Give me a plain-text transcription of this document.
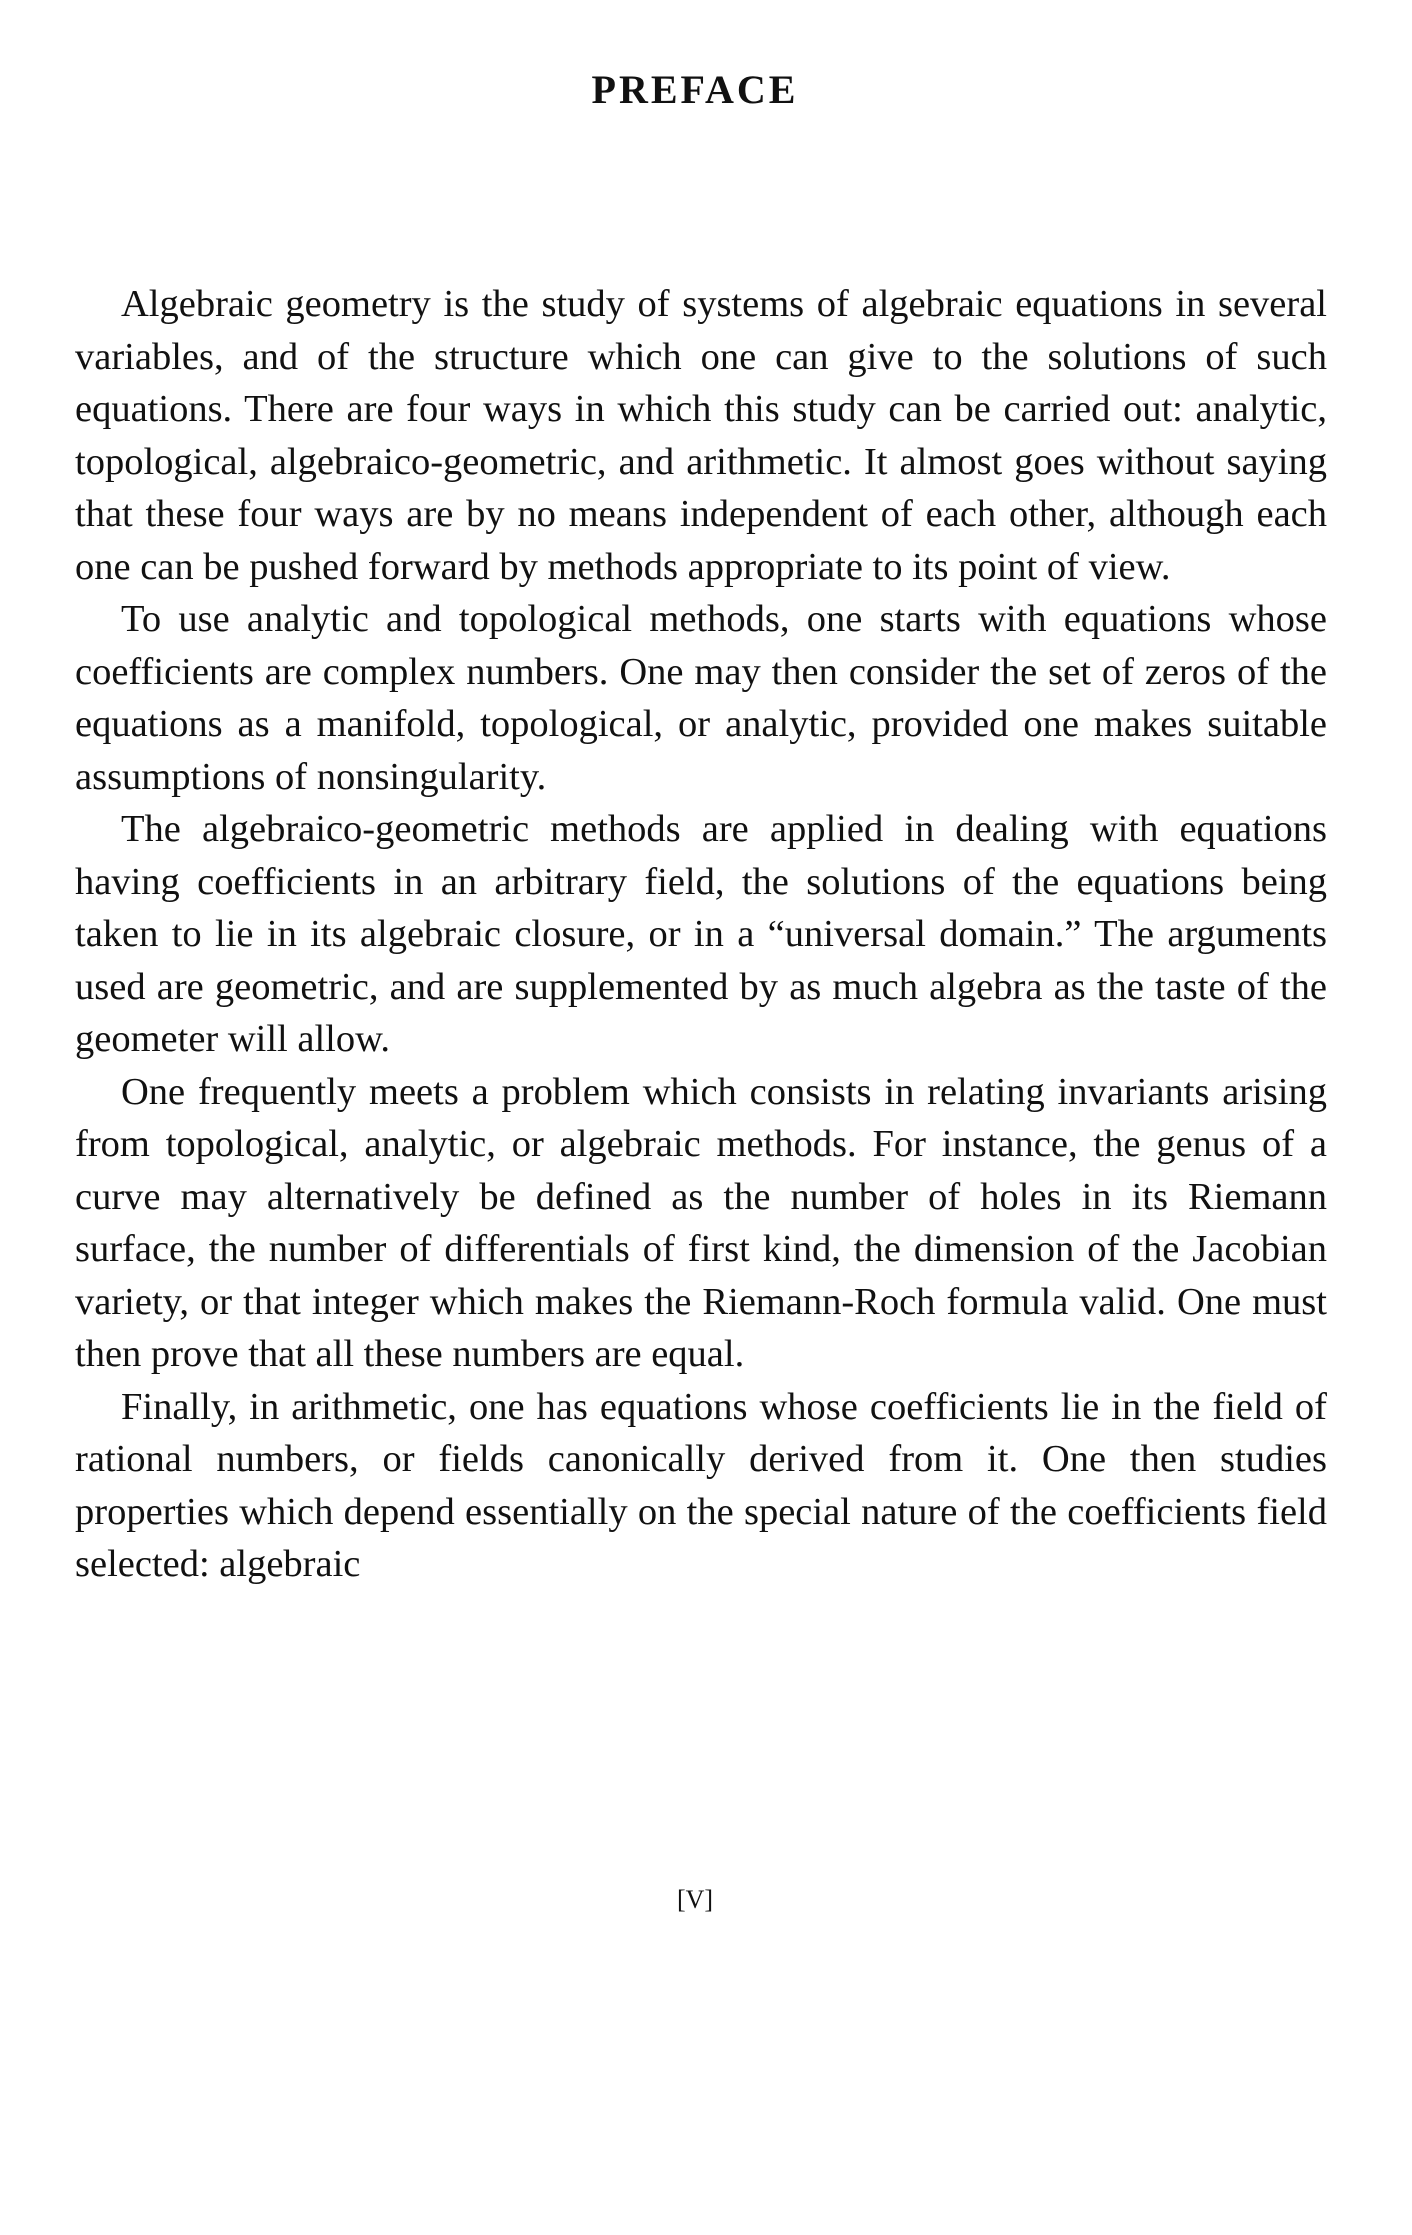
PREFACE

Algebraic geometry is the study of systems of algebraic equations in several variables, and of the structure which one can give to the solutions of such equations. There are four ways in which this study can be carried out: analytic, topological, algebraico-geometric, and arithmetic. It almost goes without saying that these four ways are by no means independent of each other, although each one can be pushed forward by methods appropriate to its point of view.

To use analytic and topological methods, one starts with equations whose coefficients are complex numbers. One may then consider the set of zeros of the equations as a manifold, topological, or analytic, provided one makes suitable assumptions of nonsingularity.

The algebraico-geometric methods are applied in dealing with equations having coefficients in an arbitrary field, the solutions of the equations being taken to lie in its algebraic closure, or in a “universal domain.” The arguments used are geometric, and are supplemented by as much algebra as the taste of the geometer will allow.

One frequently meets a problem which consists in relating invariants arising from topological, analytic, or algebraic methods. For instance, the genus of a curve may alternatively be defined as the number of holes in its Riemann surface, the number of differentials of first kind, the dimension of the Jacobian variety, or that integer which makes the Riemann-Roch formula valid. One must then prove that all these numbers are equal.

Finally, in arithmetic, one has equations whose coefficients lie in the field of rational numbers, or fields canonically derived from it. One then studies properties which depend essentially on the special nature of the coefficients field selected: algebraic

[V]
